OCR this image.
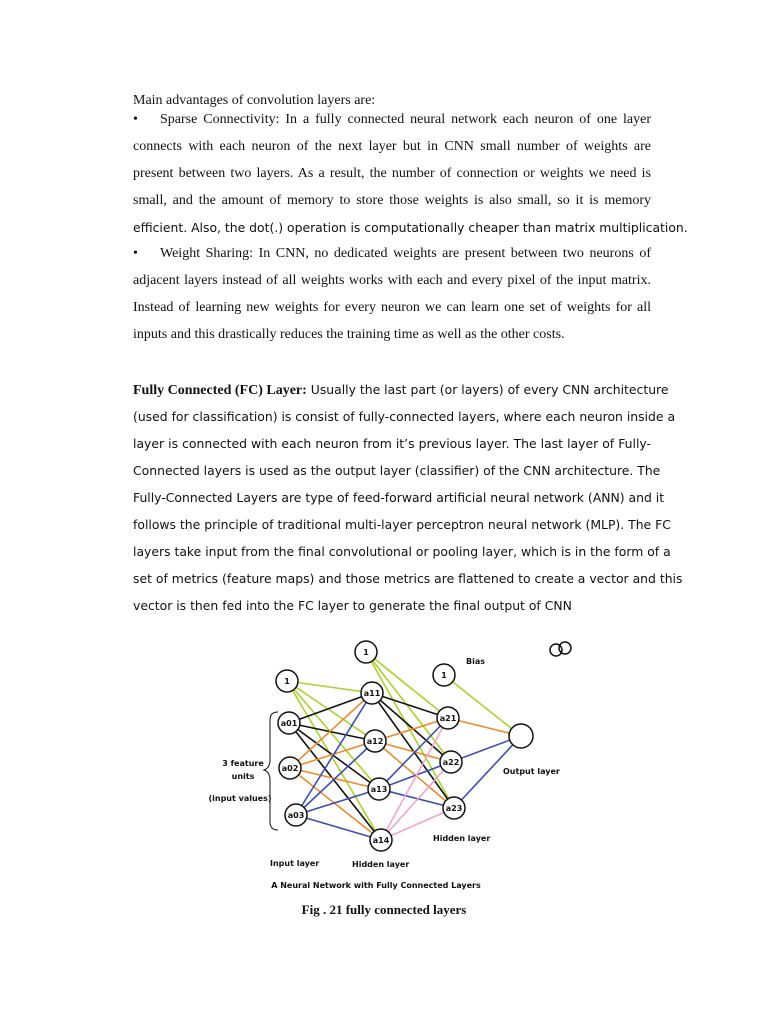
Main advantages of convolution layers are:

• Sparse Connectivity: In a fully connected neural network each neuron of one layer

connects with each neuron of the next layer but in CNN small number of weights are

present between two layers. As a result, the number of connection or weights we need is

small, and the amount of memory to store those weights is also small, so it is memory

efficient. Also, the dot(.) operation is computationally cheaper than matrix multiplication.

• Weight Sharing: In CNN, no dedicated weights are present between two neurons of

adjacent layers instead of all weights works with each and every pixel of the input matrix.

Instead of learning new weights for every neuron we can learn one set of weights for all

inputs and this drastically reduces the training time as well as the other costs.

Fully Connected (FC) Layer: Usually the last part (or layers) of every CNN architecture

(used for classification) is consist of fully-connected layers, where each neuron inside a

layer is connected with each neuron from it’s previous layer. The last layer of Fully-

Connected layers is used as the output layer (classifier) of the CNN architecture. The

Fully-Connected Layers are type of feed-forward artificial neural network (ANN) and it

follows the principle of traditional multi-layer perceptron neural network (MLP). The FC

layers take input from the final convolutional or pooling layer, which is in the form of a

set of metrics (feature maps) and those metrics are flattened to create a vector and this

vector is then fed into the FC layer to generate the final output of CNN

1
a01
a02
a03
1
a11
a12
a13
a14
1
a21
a22
a23
Bias
3 feature
units
(input values)
Output layer
Hidden layer
Input layer	Hidden layer
A Neural Network with Fully Connected Layers
Fig . 21 fully connected layers
